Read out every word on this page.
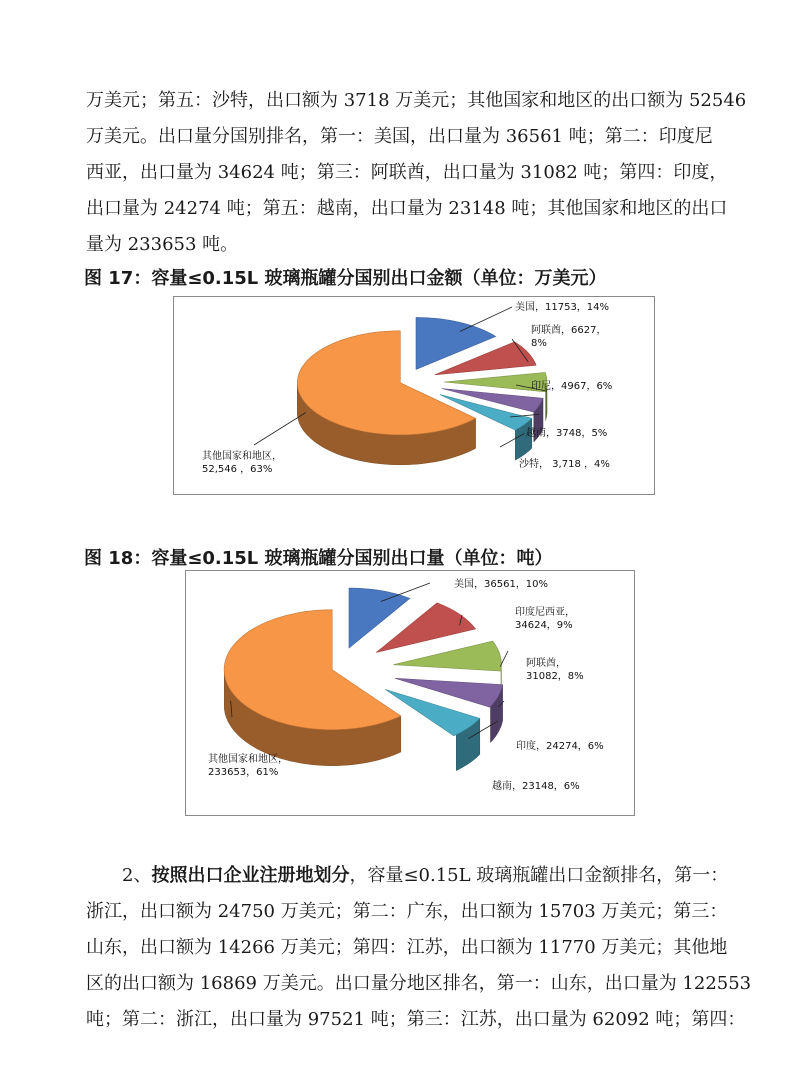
万美元；第五：沙特，出口额为 3718 万美元；其他国家和地区的出口额为 52546

万美元。出口量分国别排名，第一：美国，出口量为 36561 吨；第二：印度尼

西亚，出口量为 34624 吨；第三：阿联酋，出口量为 31082 吨；第四：印度，

出口量为 24274 吨；第五：越南，出口量为 23148 吨；其他国家和地区的出口

量为 233653 吨。

图 17：容量≤0.15L 玻璃瓶罐分国别出口金额（单位：万美元）
美国，11753，14%
阿联酋，6627， 8%
印尼，4967，6%
越南，3748，5%
沙特， 3,718 ，4%
其他国家和地区， 52,546 ，63%
图 18：容量≤0.15L 玻璃瓶罐分国别出口量（单位：吨）
美国，36561，10%
印度尼西亚， 34624，9%
阿联酋， 31082，8%
印度，24274，6%
越南，23148，6%
其他国家和地区， 233653，61%

2、按照出口企业注册地划分，容量≤0.15L 玻璃瓶罐出口金额排名，第一：

浙江，出口额为 24750 万美元；第二：广东，出口额为 15703 万美元；第三：

山东，出口额为 14266 万美元；第四：江苏，出口额为 11770 万美元；其他地

区的出口额为 16869 万美元。出口量分地区排名，第一：山东，出口量为 122553

吨；第二：浙江，出口量为 97521 吨；第三：江苏，出口量为 62092 吨；第四：
